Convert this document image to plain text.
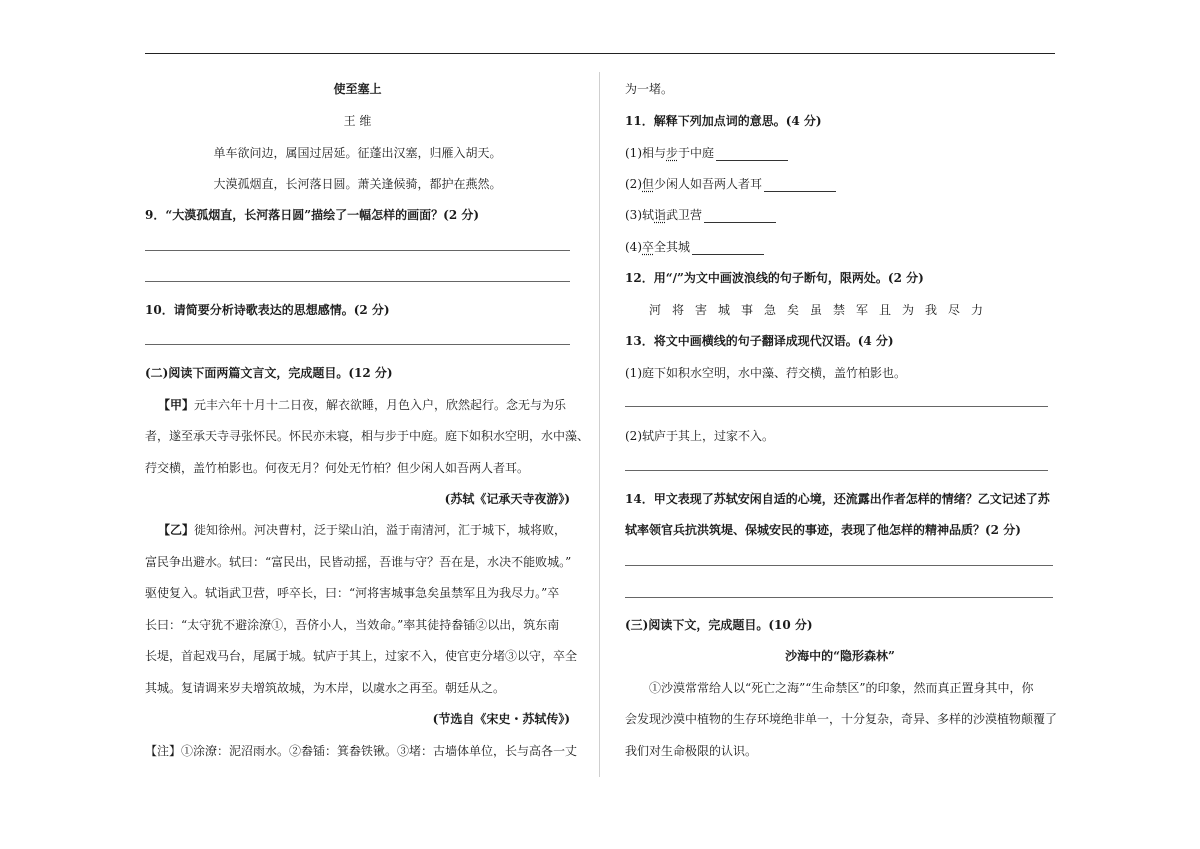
使至塞上
王 维
单车欲问边，属国过居延。征蓬出汉塞，归雁入胡天。
大漠孤烟直，长河落日圆。萧关逢候骑，都护在燕然。
9．“大漠孤烟直，长河落日圆”描绘了一幅怎样的画面？(2 分)
10．请简要分析诗歌表达的思想感情。(2 分)
(二)阅读下面两篇文言文，完成题目。(12 分)
【甲】元丰六年十月十二日夜，解衣欲睡，月色入户，欣然起行。念无与为乐
者，遂至承天寺寻张怀民。怀民亦未寝，相与步于中庭。庭下如积水空明，水中藻、
荇交横，盖竹柏影也。何夜无月？何处无竹柏？但少闲人如吾两人者耳。
(苏轼《记承天寺夜游》)
【乙】徙知徐州。河决曹村，泛于梁山泊，溢于南清河，汇于城下，城将败，
富民争出避水。轼曰：“富民出，民皆动摇，吾谁与守？吾在是，水决不能败城。”
驱使复入。轼诣武卫营，呼卒长，曰：“河将害城事急矣虽禁军且为我尽力。”卒
长曰：“太守犹不避涂潦①，吾侪小人，当效命。”率其徒持畚锸②以出，筑东南
长堤，首起戏马台，尾属于城。轼庐于其上，过家不入，使官吏分堵③以守，卒全
其城。复请调来岁夫增筑故城，为木岸，以虞水之再至。朝廷从之。
(节选自《宋史・苏轼传》)
【注】①涂潦：泥沼雨水。②畚锸：箕畚铁锹。③堵：古墙体单位，长与高各一丈
为一堵。
11．解释下列加点词的意思。(4 分)
(1)相与步于中庭
(2)但少闲人如吾两人者耳
(3)轼诣武卫营
(4)卒全其城
12．用“/”为文中画波浪线的句子断句，限两处。(2 分)
河将害城事急矣虽禁军且为我尽力
13．将文中画横线的句子翻译成现代汉语。(4 分)
(1)庭下如积水空明，水中藻、荇交横，盖竹柏影也。
(2)轼庐于其上，过家不入。
14．甲文表现了苏轼安闲自适的心境，还流露出作者怎样的情绪？乙文记述了苏
轼率领官兵抗洪筑堤、保城安民的事迹，表现了他怎样的精神品质？(2 分)
(三)阅读下文，完成题目。(10 分)
沙海中的“隐形森林”
①沙漠常常给人以“死亡之海”“生命禁区”的印象，然而真正置身其中，你
会发现沙漠中植物的生存环境绝非单一，十分复杂，奇异、多样的沙漠植物颠覆了
我们对生命极限的认识。
